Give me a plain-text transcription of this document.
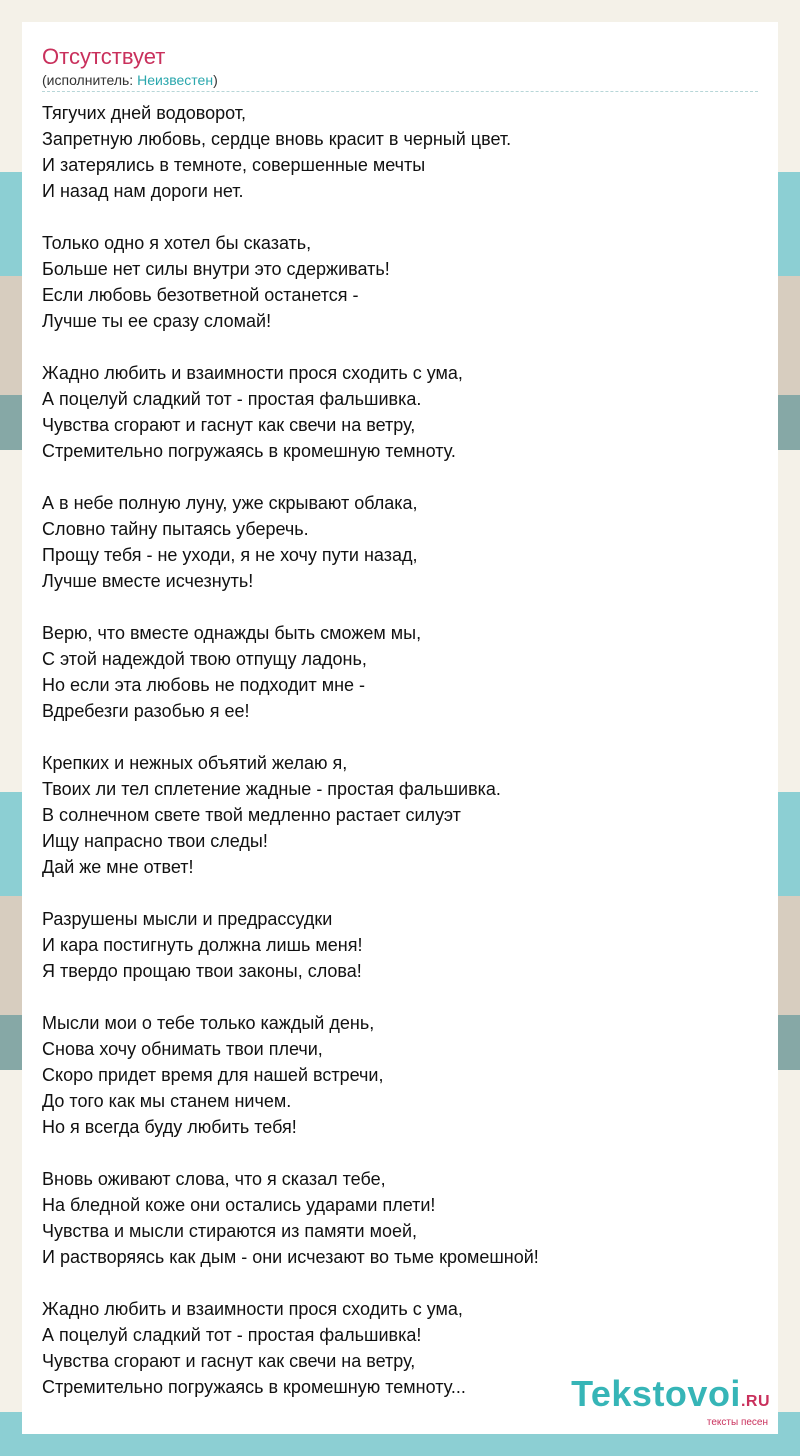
Отсутствует
(исполнитель: Неизвестен)
Тягучих дней водоворот,
Запретную любовь, сердце вновь красит в черный цвет.
И затерялись в темноте, совершенные мечты
И назад нам дороги нет.
Только одно я хотел бы сказать,
Больше нет силы внутри это сдерживать!
Если любовь безответной останется -
Лучше ты ее сразу сломай!
Жадно любить и взаимности прося сходить с ума,
А поцелуй сладкий тот - простая фальшивка.
Чувства сгорают и гаснут как свечи на ветру,
Стремительно погружаясь в кромешную темноту.
А в небе полную луну, уже скрывают облака,
Словно тайну пытаясь уберечь.
Прощу тебя - не уходи, я не хочу пути назад,
Лучше вместе исчезнуть!
Верю, что вместе однажды быть сможем мы,
С этой надеждой твою отпущу ладонь,
Но если эта любовь не подходит мне -
Вдребезги разобью я ее!
Крепких и нежных объятий желаю я,
Твоих ли тел сплетение жадные - простая фальшивка.
В солнечном свете твой медленно растает силуэт
Ищу напрасно твои следы!
Дай же мне ответ!
Разрушены мысли и предрассудки
И кара постигнуть должна лишь меня!
Я твердо прощаю твои законы, слова!
Мысли мои о тебе только каждый день,
Снова хочу обнимать твои плечи,
Скоро придет время для нашей встречи,
До того как мы станем ничем.
Но я всегда буду любить тебя!
Вновь оживают слова, что я сказал тебе,
На бледной коже они остались ударами плети!
Чувства и мысли стираются из памяти моей,
И растворяясь как дым - они исчезают во тьме кромешной!
Жадно любить и взаимности прося сходить с ума,
А поцелуй сладкий тот - простая фальшивка!
Чувства сгорают и гаснут как свечи на ветру,
Стремительно погружаясь в кромешную темноту...	Tekstovoi.RU
тексты песен
